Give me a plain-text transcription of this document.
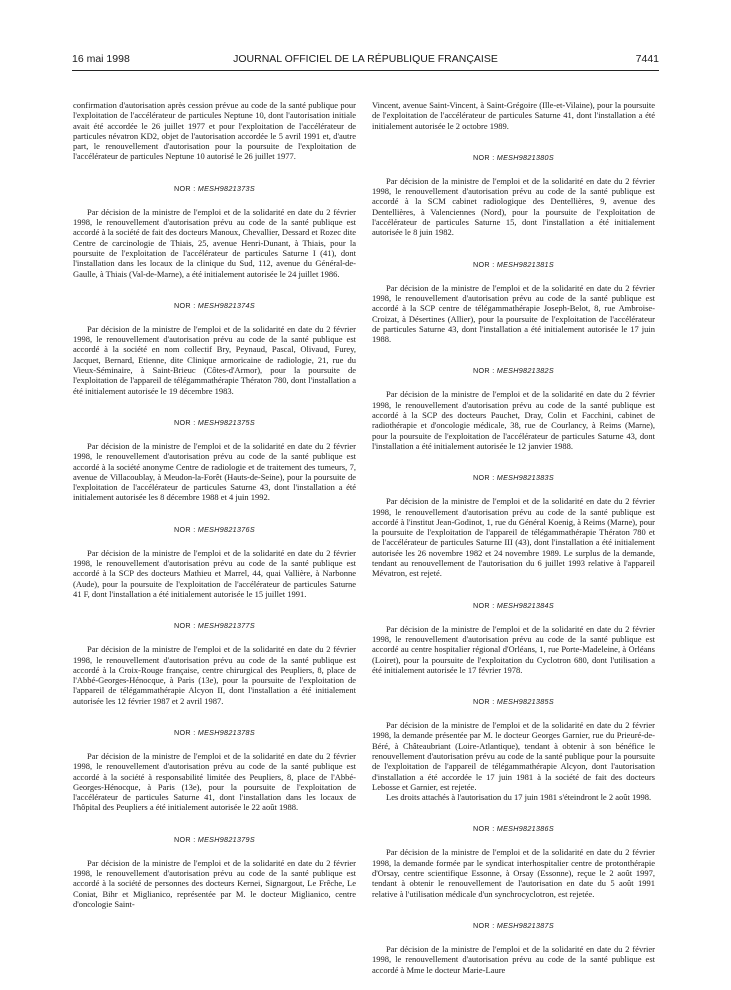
16 mai 1998	JOURNAL OFFICIEL DE LA RÉPUBLIQUE FRANÇAISE	7441

confirmation d'autorisation après cession prévue au code de la santé publique pour l'exploitation de l'accélérateur de particules Neptune 10, dont l'autorisation initiale avait été accordée le 26 juillet 1977 et pour l'exploitation de l'accélérateur de particules névatron KD2, objet de l'autorisation accordée le 5 avril 1991 et, d'autre part, le renouvellement d'autorisation pour la poursuite de l'exploitation de l'accélérateur de particules Neptune 10 autorisé le 26 juillet 1977.

NOR : MESH9821373S

Par décision de la ministre de l'emploi et de la solidarité en date du 2 février 1998, le renouvellement d'autorisation prévu au code de la santé publique est accordé à la société de fait des docteurs Manoux, Chevallier, Dessard et Rozec dite Centre de carcinologie de Thiais, 25, avenue Henri-Dunant, à Thiais, pour la poursuite de l'exploitation de l'accélérateur de particules Saturne I (41), dont l'installation dans les locaux de la clinique du Sud, 112, avenue du Général-de-Gaulle, à Thiais (Val-de-Marne), a été initialement autorisée le 24 juillet 1986.

NOR : MESH9821374S

Par décision de la ministre de l'emploi et de la solidarité en date du 2 février 1998, le renouvellement d'autorisation prévu au code de la santé publique est accordé à la société en nom collectif Bry, Peynaud, Pascal, Olivaud, Furey, Jacquet, Bernard, Etienne, dite Clinique armoricaine de radiologie, 21, rue du Vieux-Séminaire, à Saint-Brieuc (Côtes-d'Armor), pour la poursuite de l'exploitation de l'appareil de télégammathérapie Thératon 780, dont l'installation a été initialement autorisée le 19 décembre 1983.

NOR : MESH9821375S

Par décision de la ministre de l'emploi et de la solidarité en date du 2 février 1998, le renouvellement d'autorisation prévu au code de la santé publique est accordé à la société anonyme Centre de radiologie et de traitement des tumeurs, 7, avenue de Villacoublay, à Meudon-la-Forêt (Hauts-de-Seine), pour la poursuite de l'exploitation de l'accélérateur de particules Saturne 43, dont l'installation a été initialement autorisée les 8 décembre 1988 et 4 juin 1992.

NOR : MESH9821376S

Par décision de la ministre de l'emploi et de la solidarité en date du 2 février 1998, le renouvellement d'autorisation prévu au code de la santé publique est accordé à la SCP des docteurs Mathieu et Marrel, 44, quai Vallière, à Narbonne (Aude), pour la poursuite de l'exploitation de l'accélérateur de particules Saturne 41 F, dont l'installation a été initialement autorisée le 15 juillet 1991.

NOR : MESH9821377S

Par décision de la ministre de l'emploi et de la solidarité en date du 2 février 1998, le renouvellement d'autorisation prévu au code de la santé publique est accordé à la Croix-Rouge française, centre chirurgical des Peupliers, 8, place de l'Abbé-Georges-Hénocque, à Paris (13e), pour la poursuite de l'exploitation de l'appareil de télégammathérapie Alcyon II, dont l'installation a été initialement autorisée les 12 février 1987 et 2 avril 1987.

NOR : MESH9821378S

Par décision de la ministre de l'emploi et de la solidarité en date du 2 février 1998, le renouvellement d'autorisation prévu au code de la santé publique est accordé à la société à responsabilité limitée des Peupliers, 8, place de l'Abbé-Georges-Hénocque, à Paris (13e), pour la poursuite de l'exploitation de l'accélérateur de particules Saturne 41, dont l'installation dans les locaux de l'hôpital des Peupliers a été initialement autorisée le 22 août 1988.

NOR : MESH9821379S

Par décision de la ministre de l'emploi et de la solidarité en date du 2 février 1998, le renouvellement d'autorisation prévu au code de la santé publique est accordé à la société de personnes des docteurs Kernei, Signargout, Le Frêche, Le Coniat, Bihr et Miglianico, représentée par M. le docteur Miglianico, centre d'oncologie Saint-

Vincent, avenue Saint-Vincent, à Saint-Grégoire (Ille-et-Vilaine), pour la poursuite de l'exploitation de l'accélérateur de particules Saturne 41, dont l'installation a été initialement autorisée le 2 octobre 1989.

NOR : MESH9821380S

Par décision de la ministre de l'emploi et de la solidarité en date du 2 février 1998, le renouvellement d'autorisation prévu au code de la santé publique est accordé à la SCM cabinet radiologique des Dentellières, 9, avenue des Dentellières, à Valenciennes (Nord), pour la poursuite de l'exploitation de l'accélérateur de particules Saturne 15, dont l'installation a été initialement autorisée le 8 juin 1982.

NOR : MESH9821381S

Par décision de la ministre de l'emploi et de la solidarité en date du 2 février 1998, le renouvellement d'autorisation prévu au code de la santé publique est accordé à la SCP centre de télégammathérapie Joseph-Belot, 8, rue Ambroise-Croizat, à Désertines (Allier), pour la poursuite de l'exploitation de l'accélérateur de particules Saturne 43, dont l'installation a été initialement autorisée le 17 juin 1988.

NOR : MESH9821382S

Par décision de la ministre de l'emploi et de la solidarité en date du 2 février 1998, le renouvellement d'autorisation prévu au code de la santé publique est accordé à la SCP des docteurs Pauchet, Dray, Colin et Facchini, cabinet de radiothérapie et d'oncologie médicale, 38, rue de Courlancy, à Reims (Marne), pour la poursuite de l'exploitation de l'accélérateur de particules Saturne 43, dont l'installation a été initialement autorisée le 12 janvier 1988.

NOR : MESH9821383S

Par décision de la ministre de l'emploi et de la solidarité en date du 2 février 1998, le renouvellement d'autorisation prévu au code de la santé publique est accordé à l'institut Jean-Godinot, 1, rue du Général Koenig, à Reims (Marne), pour la poursuite de l'exploitation de l'appareil de télégammathérapie Thératon 780 et de l'accélérateur de particules Saturne III (43), dont l'installation a été initialement autorisée les 26 novembre 1982 et 24 novembre 1989. Le surplus de la demande, tendant au renouvellement de l'autorisation du 6 juillet 1993 relative à l'appareil Mévatron, est rejeté.

NOR : MESH9821384S

Par décision de la ministre de l'emploi et de la solidarité en date du 2 février 1998, le renouvellement d'autorisation prévu au code de la santé publique est accordé au centre hospitalier régional d'Orléans, 1, rue Porte-Madeleine, à Orléans (Loiret), pour la poursuite de l'exploitation du Cyclotron 680, dont l'utilisation a été initialement autorisée le 17 février 1978.

NOR : MESH9821385S

Par décision de la ministre de l'emploi et de la solidarité en date du 2 février 1998, la demande présentée par M. le docteur Georges Garnier, rue du Prieuré-de-Béré, à Châteaubriant (Loire-Atlantique), tendant à obtenir à son bénéfice le renouvellement d'autorisation prévu au code de la santé publique pour la poursuite de l'exploitation de l'appareil de télégammathérapie Alcyon, dont l'autorisation d'installation a été accordée le 17 juin 1981 à la société de fait des docteurs Lebosse et Garnier, est rejetée.

Les droits attachés à l'autorisation du 17 juin 1981 s'éteindront le 2 août 1998.

NOR : MESH9821386S

Par décision de la ministre de l'emploi et de la solidarité en date du 2 février 1998, la demande formée par le syndicat interhospitalier centre de protonthérapie d'Orsay, centre scientifique Essonne, à Orsay (Essonne), reçue le 2 août 1997, tendant à obtenir le renouvellement de l'autorisation en date du 5 août 1991 relative à l'utilisation médicale d'un synchrocyclotron, est rejetée.

NOR : MESH9821387S

Par décision de la ministre de l'emploi et de la solidarité en date du 2 février 1998, le renouvellement d'autorisation prévu au code de la santé publique est accordé à Mme le docteur Marie-Laure
